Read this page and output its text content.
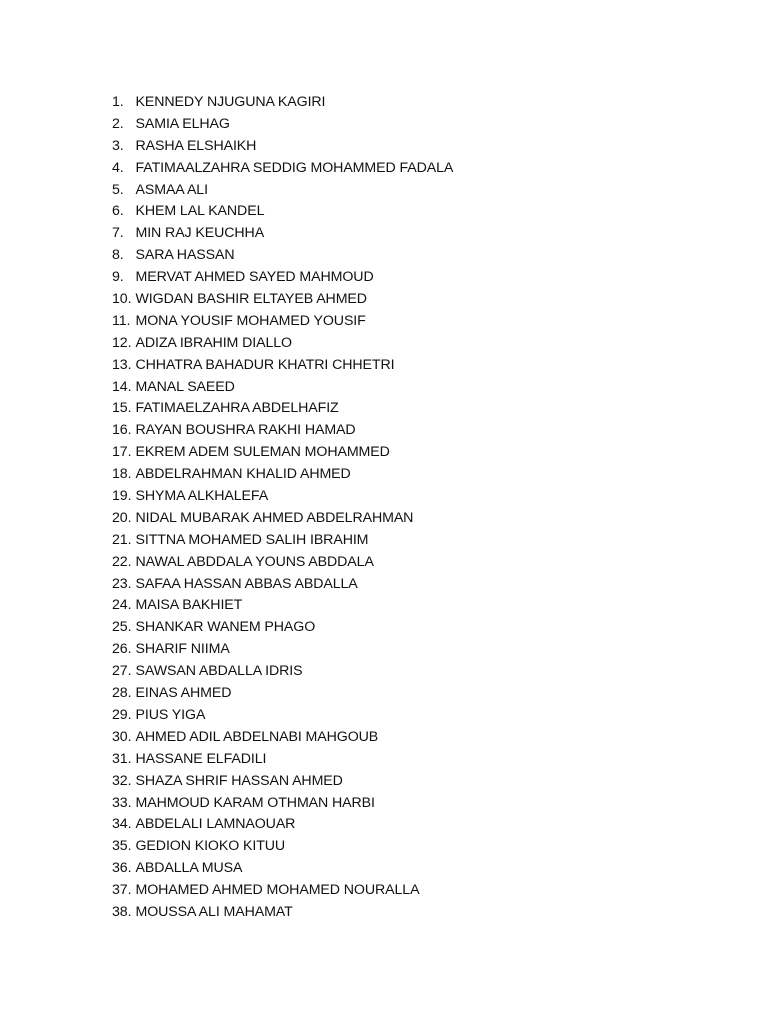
1. KENNEDY NJUGUNA KAGIRI
2. SAMIA ELHAG
3. RASHA ELSHAIKH
4. FATIMAALZAHRA SEDDIG MOHAMMED FADALA
5. ASMAA ALI
6. KHEM LAL KANDEL
7. MIN RAJ KEUCHHA
8. SARA HASSAN
9. MERVAT AHMED SAYED MAHMOUD
10. WIGDAN BASHIR ELTAYEB AHMED
11. MONA YOUSIF MOHAMED YOUSIF
12. ADIZA IBRAHIM DIALLO
13. CHHATRA BAHADUR KHATRI CHHETRI
14. MANAL SAEED
15. FATIMAELZAHRA ABDELHAFIZ
16. RAYAN BOUSHRA RAKHI HAMAD
17. EKREM ADEM SULEMAN MOHAMMED
18. ABDELRAHMAN KHALID AHMED
19. SHYMA ALKHALEFA
20. NIDAL MUBARAK AHMED ABDELRAHMAN
21. SITTNA MOHAMED SALIH IBRAHIM
22. NAWAL ABDDALA YOUNS ABDDALA
23. SAFAA HASSAN ABBAS ABDALLA
24. MAISA BAKHIET
25. SHANKAR WANEM PHAGO
26. SHARIF NIIMA
27. SAWSAN ABDALLA IDRIS
28. EINAS AHMED
29. PIUS YIGA
30. AHMED ADIL ABDELNABI MAHGOUB
31. HASSANE ELFADILI
32. SHAZA SHRIF HASSAN AHMED
33. MAHMOUD KARAM OTHMAN HARBI
34. ABDELALI LAMNAOUAR
35. GEDION KIOKO KITUU
36. ABDALLA MUSA
37. MOHAMED AHMED MOHAMED NOURALLA
38. MOUSSA ALI MAHAMAT
